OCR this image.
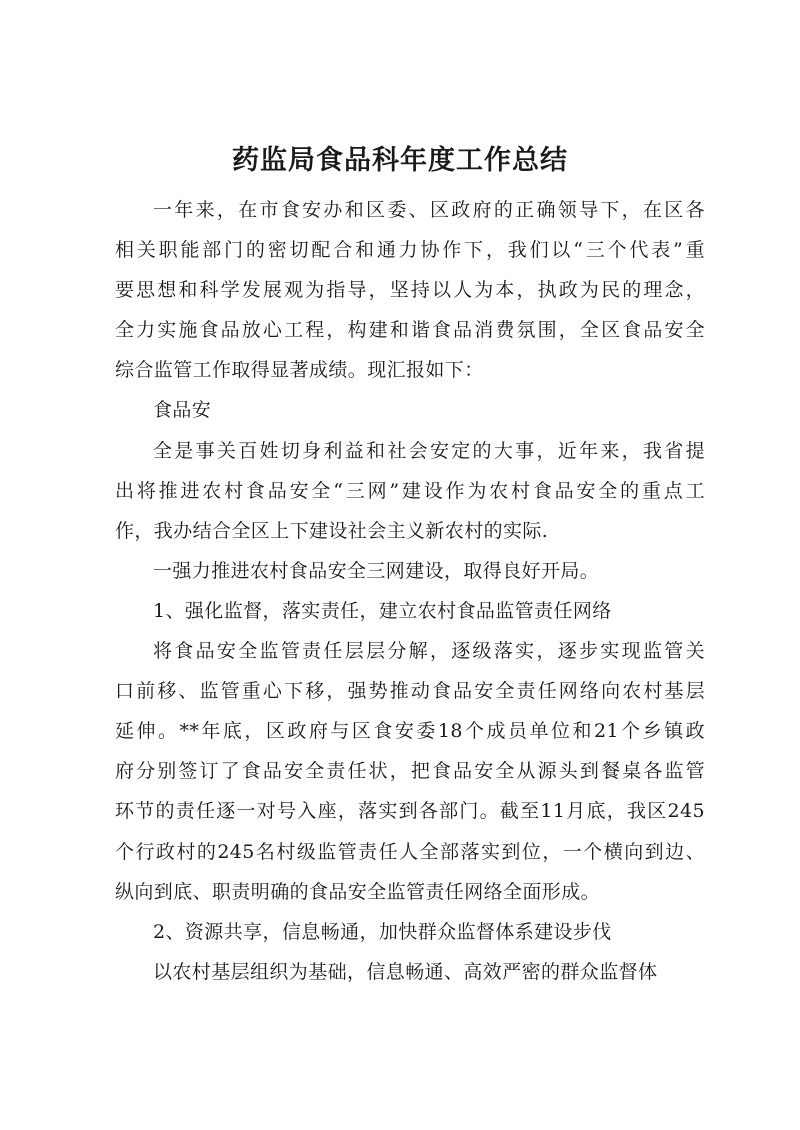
药监局食品科年度工作总结
一年来，在市食安办和区委、区政府的正确领导下，在区各
相关职能部门的密切配合和通力协作下，我们以“三个代表”重
要思想和科学发展观为指导，坚持以人为本，执政为民的理念，
全力实施食品放心工程，构建和谐食品消费氛围，全区食品安全
综合监管工作取得显著成绩。现汇报如下：
食品安
全是事关百姓切身利益和社会安定的大事，近年来，我省提
出将推进农村食品安全“三网”建设作为农村食品安全的重点工
作，我办结合全区上下建设社会主义新农村的实际.
一强力推进农村食品安全三网建设，取得良好开局。
1、强化监督，落实责任，建立农村食品监管责任网络
将食品安全监管责任层层分解，逐级落实，逐步实现监管关
口前移、监管重心下移，强势推动食品安全责任网络向农村基层
延伸。**年底，区政府与区食安委18个成员单位和21个乡镇政
府分别签订了食品安全责任状，把食品安全从源头到餐桌各监管
环节的责任逐一对号入座，落实到各部门。截至11月底，我区245
个行政村的245名村级监管责任人全部落实到位，一个横向到边、
纵向到底、职责明确的食品安全监管责任网络全面形成。
2、资源共享，信息畅通，加快群众监督体系建设步伐
以农村基层组织为基础，信息畅通、高效严密的群众监督体
